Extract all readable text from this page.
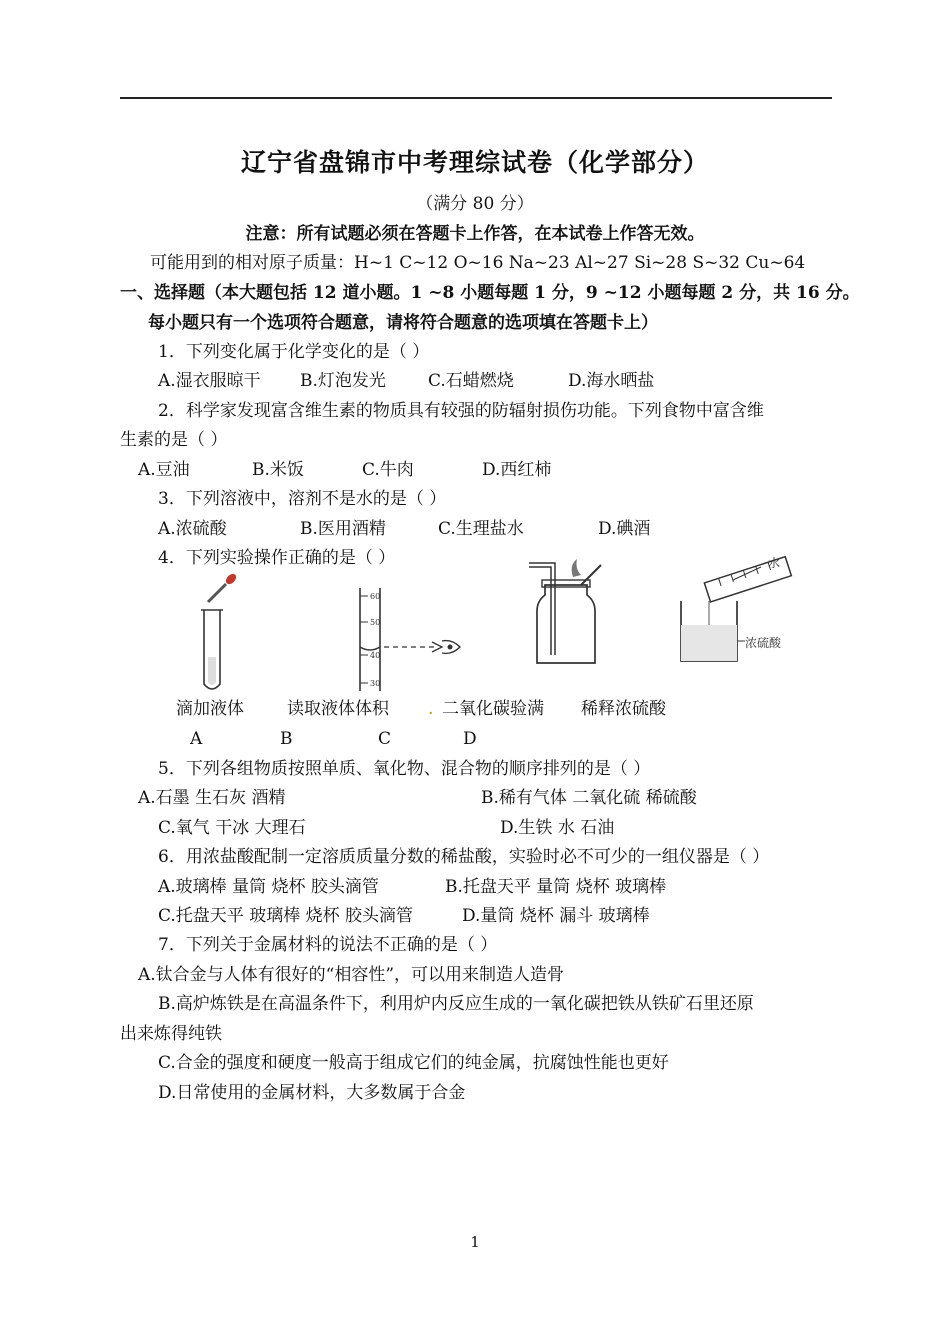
辽宁省盘锦市中考理综试卷（化学部分）
（满分 80 分）
注意：所有试题必须在答题卡上作答，在本试卷上作答无效。
可能用到的相对原子质量：H~1 C~12 O~16 Na~23 Al~27 Si~28 S~32 Cu~64
一、选择题（本大题包括 12 道小题。1 ~8 小题每题 1 分，9 ~12 小题每题 2 分，共 16 分。
每小题只有一个选项符合题意，请将符合题意的选项填在答题卡上）
1．下列变化属于化学变化的是（ ）
A.湿衣服晾干 B.灯泡发光 C.石蜡燃烧	D.海水晒盐
2．科学家发现富含维生素的物质具有较强的防辐射损伤功能。下列食物中富含维
生素的是（ ）
A.豆油	B.米饭	C.牛肉	D.西红柿
3．下列溶液中，溶剂不是水的是（ ）
A.浓硫酸	B.医用酒精	C.生理盐水	D.碘酒
4．下列实验操作正确的是（ ）
60
50
40
30
水
浓硫酸
滴加液体	读取液体体积 . 二氧化碳验满 稀释浓硫酸
A	B	C	D
5．下列各组物质按照单质、氧化物、混合物的顺序排列的是（ ）
A.石墨 生石灰 酒精	B.稀有气体 二氧化硫 稀硫酸
C.氧气 干冰 大理石	D.生铁 水 石油
6．用浓盐酸配制一定溶质质量分数的稀盐酸，实验时必不可少的一组仪器是（ ）
A.玻璃棒 量筒 烧杯 胶头滴管	B.托盘天平 量筒 烧杯 玻璃棒
C.托盘天平 玻璃棒 烧杯 胶头滴管	D.量筒 烧杯 漏斗 玻璃棒
7．下列关于金属材料的说法不正确的是（ ）
A.钛合金与人体有很好的“相容性”，可以用来制造人造骨
B.高炉炼铁是在高温条件下，利用炉内反应生成的一氧化碳把铁从铁矿石里还原
出来炼得纯铁
C.合金的强度和硬度一般高于组成它们的纯金属，抗腐蚀性能也更好
D.日常使用的金属材料，大多数属于合金
1
